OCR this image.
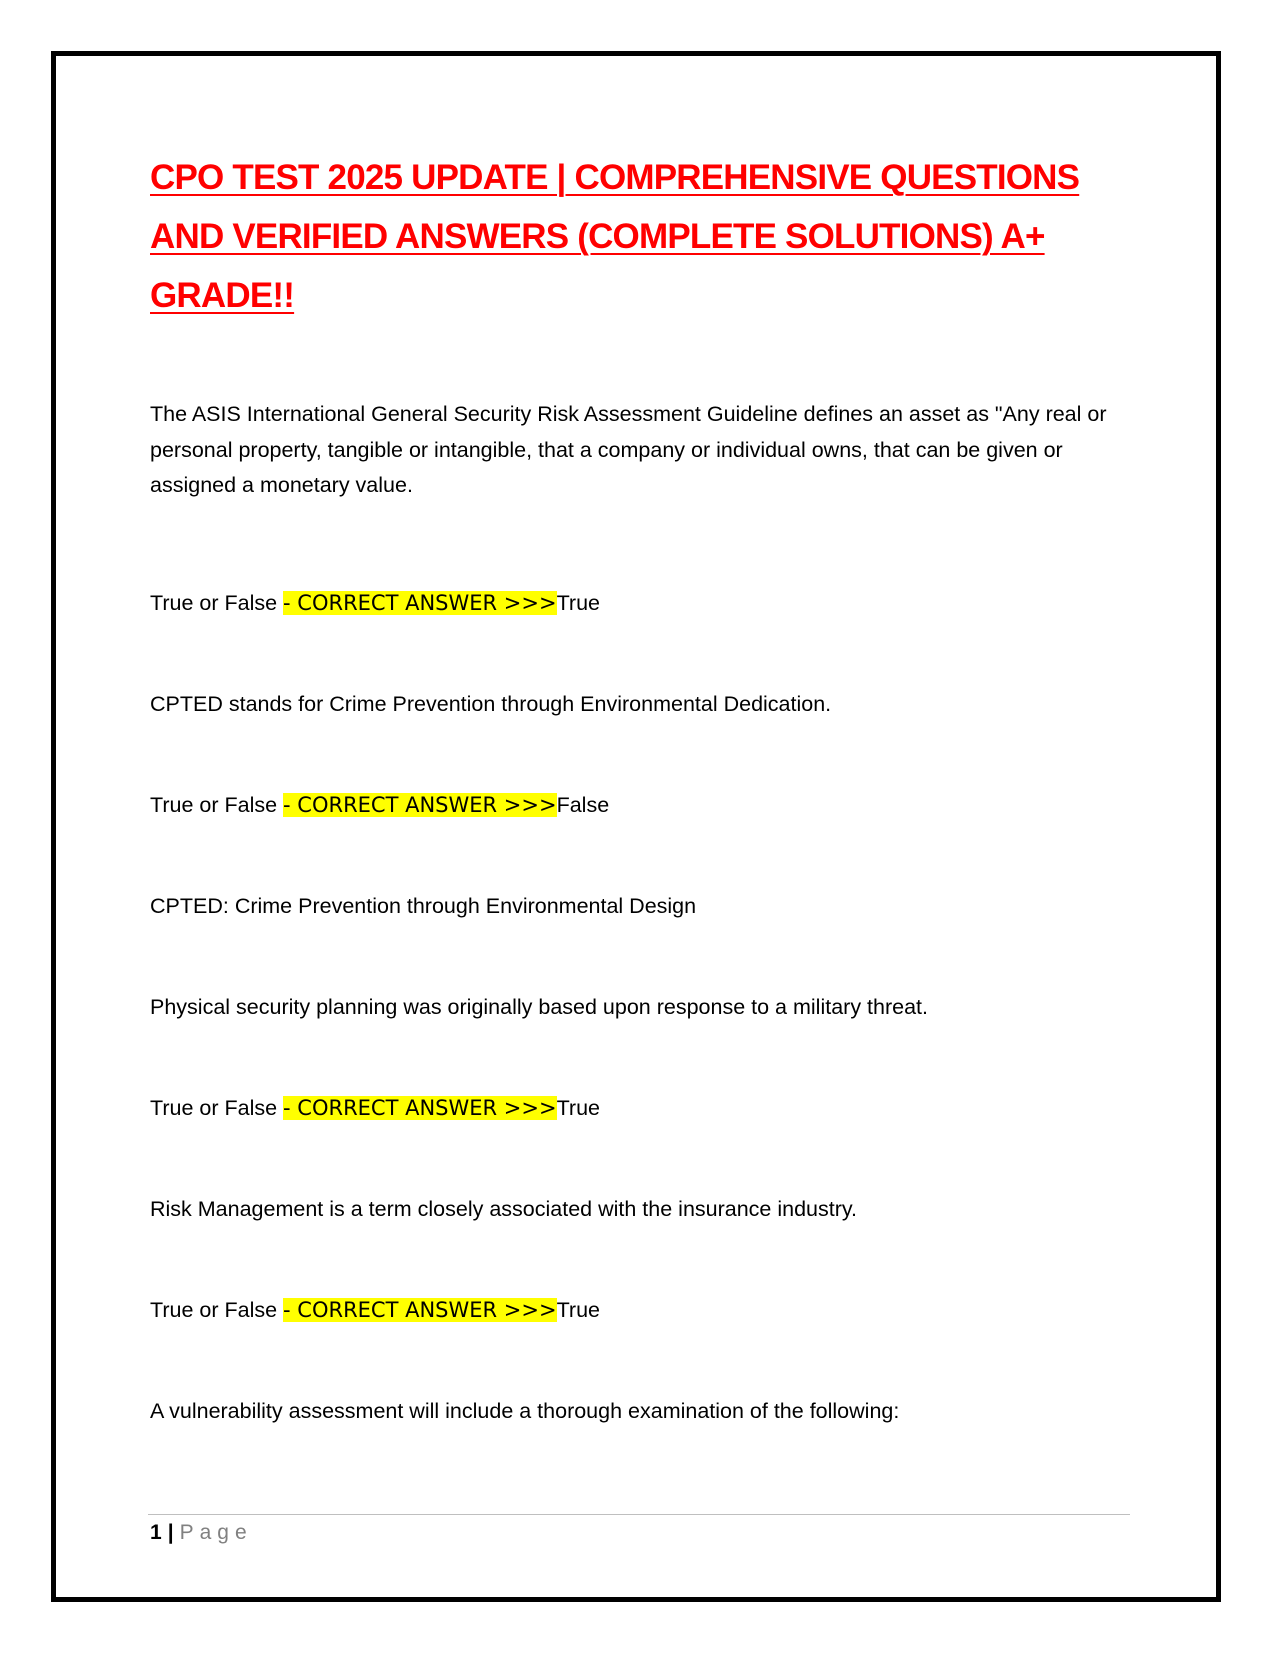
CPO TEST 2025 UPDATE | COMPREHENSIVE QUESTIONS AND VERIFIED ANSWERS (COMPLETE SOLUTIONS) A+ GRADE!!

The ASIS International General Security Risk Assessment Guideline defines an asset as "Any real or personal property, tangible or intangible, that a company or individual owns, that can be given or assigned a monetary value.

True or False - CORRECT ANSWER >>>True

CPTED stands for Crime Prevention through Environmental Dedication.

True or False - CORRECT ANSWER >>>False

CPTED: Crime Prevention through Environmental Design

Physical security planning was originally based upon response to a military threat.

True or False - CORRECT ANSWER >>>True

Risk Management is a term closely associated with the insurance industry.

True or False - CORRECT ANSWER >>>True

A vulnerability assessment will include a thorough examination of the following:

1 | Page
